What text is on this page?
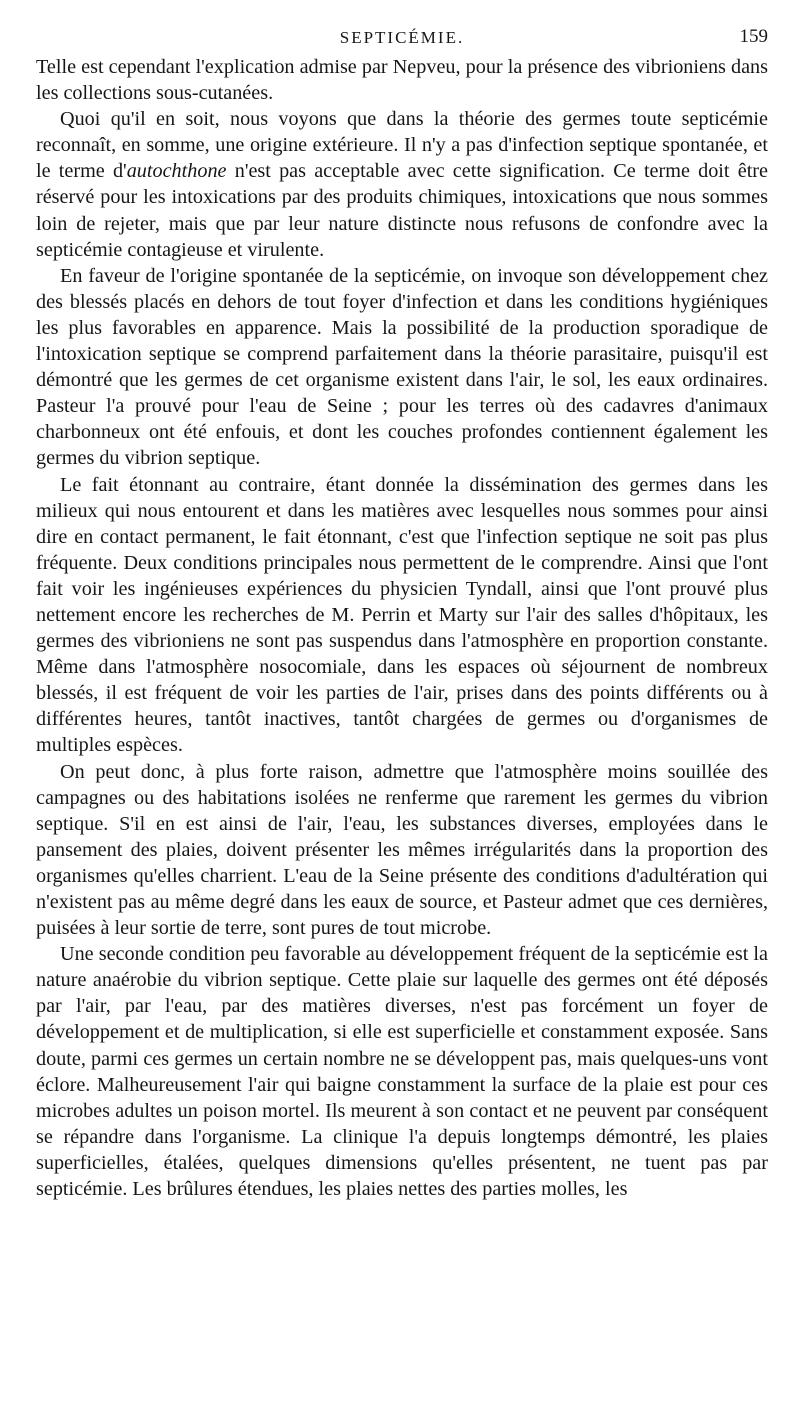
SEPTICÉMIE.	159

Telle est cependant l'explication admise par Nepveu, pour la présence des vibrioniens dans les collections sous-cutanées.

Quoi qu'il en soit, nous voyons que dans la théorie des germes toute septicémie reconnaît, en somme, une origine extérieure. Il n'y a pas d'infection septique spontanée, et le terme d'autochthone n'est pas acceptable avec cette signification. Ce terme doit être réservé pour les intoxications par des produits chimiques, intoxications que nous sommes loin de rejeter, mais que par leur nature distincte nous refusons de confondre avec la septicémie contagieuse et virulente.

En faveur de l'origine spontanée de la septicémie, on invoque son développement chez des blessés placés en dehors de tout foyer d'infection et dans les conditions hygiéniques les plus favorables en apparence. Mais la possibilité de la production sporadique de l'intoxication septique se comprend parfaitement dans la théorie parasitaire, puisqu'il est démontré que les germes de cet organisme existent dans l'air, le sol, les eaux ordinaires. Pasteur l'a prouvé pour l'eau de Seine ; pour les terres où des cadavres d'animaux charbonneux ont été enfouis, et dont les couches profondes contiennent également les germes du vibrion septique.

Le fait étonnant au contraire, étant donnée la dissémination des germes dans les milieux qui nous entourent et dans les matières avec lesquelles nous sommes pour ainsi dire en contact permanent, le fait étonnant, c'est que l'infection septique ne soit pas plus fréquente. Deux conditions principales nous permettent de le comprendre. Ainsi que l'ont fait voir les ingénieuses expériences du physicien Tyndall, ainsi que l'ont prouvé plus nettement encore les recherches de M. Perrin et Marty sur l'air des salles d'hôpitaux, les germes des vibrioniens ne sont pas suspendus dans l'atmosphère en proportion constante. Même dans l'atmosphère nosocomiale, dans les espaces où séjournent de nombreux blessés, il est fréquent de voir les parties de l'air, prises dans des points différents ou à différentes heures, tantôt inactives, tantôt chargées de germes ou d'organismes de multiples espèces.

On peut donc, à plus forte raison, admettre que l'atmosphère moins souillée des campagnes ou des habitations isolées ne renferme que rarement les germes du vibrion septique. S'il en est ainsi de l'air, l'eau, les substances diverses, employées dans le pansement des plaies, doivent présenter les mêmes irrégularités dans la proportion des organismes qu'elles charrient. L'eau de la Seine présente des conditions d'adultération qui n'existent pas au même degré dans les eaux de source, et Pasteur admet que ces dernières, puisées à leur sortie de terre, sont pures de tout microbe.

Une seconde condition peu favorable au développement fréquent de la septicémie est la nature anaérobie du vibrion septique. Cette plaie sur laquelle des germes ont été déposés par l'air, par l'eau, par des matières diverses, n'est pas forcément un foyer de développement et de multiplication, si elle est superficielle et constamment exposée. Sans doute, parmi ces germes un certain nombre ne se développent pas, mais quelques-uns vont éclore. Malheureusement l'air qui baigne constamment la surface de la plaie est pour ces microbes adultes un poison mortel. Ils meurent à son contact et ne peuvent par conséquent se répandre dans l'organisme. La clinique l'a depuis longtemps démontré, les plaies superficielles, étalées, quelques dimensions qu'elles présentent, ne tuent pas par septicémie. Les brûlures étendues, les plaies nettes des parties molles, les
